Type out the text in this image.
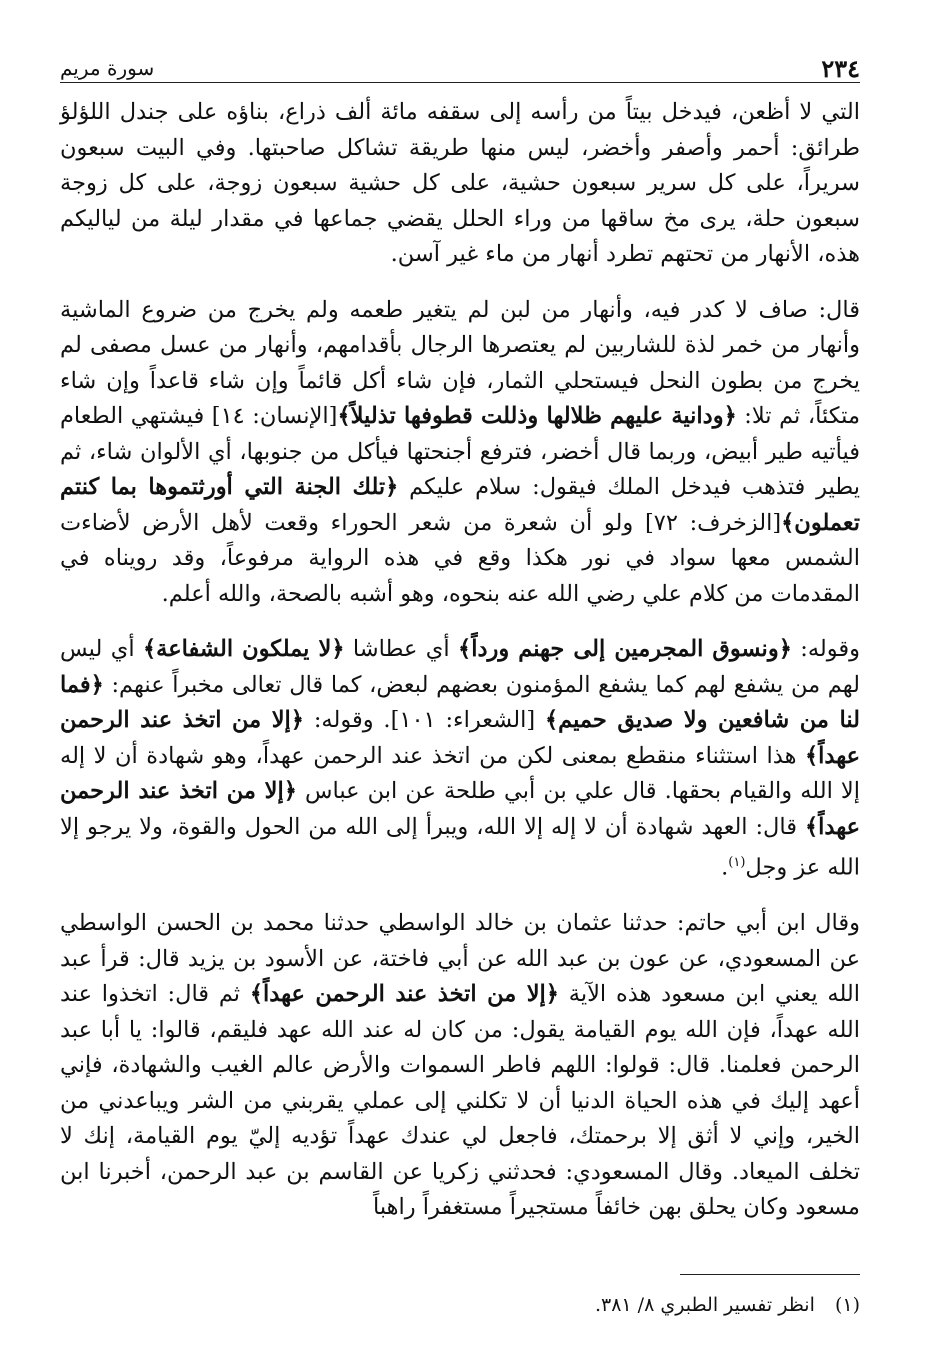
٢٣٤
سورة مريم

التي لا أظعن، فيدخل بيتاً من رأسه إلى سقفه مائة ألف ذراع، بناؤه على جندل اللؤلؤ طرائق: أحمر وأصفر وأخضر، ليس منها طريقة تشاكل صاحبتها. وفي البيت سبعون سريراً، على كل سرير سبعون حشية، على كل حشية سبعون زوجة، على كل زوجة سبعون حلة، يرى مخ ساقها من وراء الحلل يقضي جماعها في مقدار ليلة من لياليكم هذه، الأنهار من تحتهم تطرد أنهار من ماء غير آسن.

قال: صاف لا كدر فيه، وأنهار من لبن لم يتغير طعمه ولم يخرج من ضروع الماشية وأنهار من خمر لذة للشاربين لم يعتصرها الرجال بأقدامهم، وأنهار من عسل مصفى لم يخرج من بطون النحل فيستحلي الثمار، فإن شاء أكل قائماً وإن شاء قاعداً وإن شاء متكئاً، ثم تلا: ﴿ودانية عليهم ظلالها وذللت قطوفها تذليلاً﴾[الإنسان: ١٤] فيشتهي الطعام فيأتيه طير أبيض، وربما قال أخضر، فترفع أجنحتها فيأكل من جنوبها، أي الألوان شاء، ثم يطير فتذهب فيدخل الملك فيقول: سلام عليكم ﴿تلك الجنة التي أورثتموها بما كنتم تعملون﴾[الزخرف: ٧٢] ولو أن شعرة من شعر الحوراء وقعت لأهل الأرض لأضاءت الشمس معها سواد في نور هكذا وقع في هذه الرواية مرفوعاً، وقد رويناه في المقدمات من كلام علي رضي الله عنه بنحوه، وهو أشبه بالصحة، والله أعلم.

وقوله: ﴿ونسوق المجرمين إلى جهنم ورداً﴾ أي عطاشا ﴿لا يملكون الشفاعة﴾ أي ليس لهم من يشفع لهم كما يشفع المؤمنون بعضهم لبعض، كما قال تعالى مخبراً عنهم: ﴿فما لنا من شافعين ولا صديق حميم﴾ [الشعراء: ١٠١]. وقوله: ﴿إلا من اتخذ عند الرحمن عهداً﴾ هذا استثناء منقطع بمعنى لكن من اتخذ عند الرحمن عهداً، وهو شهادة أن لا إله إلا الله والقيام بحقها. قال علي بن أبي طلحة عن ابن عباس ﴿إلا من اتخذ عند الرحمن عهداً﴾ قال: العهد شهادة أن لا إله إلا الله، ويبرأ إلى الله من الحول والقوة، ولا يرجو إلا الله عز وجل$^{(١)}$.

وقال ابن أبي حاتم: حدثنا عثمان بن خالد الواسطي حدثنا محمد بن الحسن الواسطي عن المسعودي، عن عون بن عبد الله عن أبي فاختة، عن الأسود بن يزيد قال: قرأ عبد الله يعني ابن مسعود هذه الآية ﴿إلا من اتخذ عند الرحمن عهداً﴾ ثم قال: اتخذوا عند الله عهداً، فإن الله يوم القيامة يقول: من كان له عند الله عهد فليقم، قالوا: يا أبا عبد الرحمن فعلمنا. قال: قولوا: اللهم فاطر السموات والأرض عالم الغيب والشهادة، فإني أعهد إليك في هذه الحياة الدنيا أن لا تكلني إلى عملي يقربني من الشر ويباعدني من الخير، وإني لا أثق إلا برحمتك، فاجعل لي عندك عهداً تؤديه إليّ يوم القيامة، إنك لا تخلف الميعاد. وقال المسعودي: فحدثني زكريا عن القاسم بن عبد الرحمن، أخبرنا ابن مسعود وكان يحلق بهن خائفاً مستجيراً مستغفراً راهباً

(١) انظر تفسير الطبري ٨/ ٣٨١.
